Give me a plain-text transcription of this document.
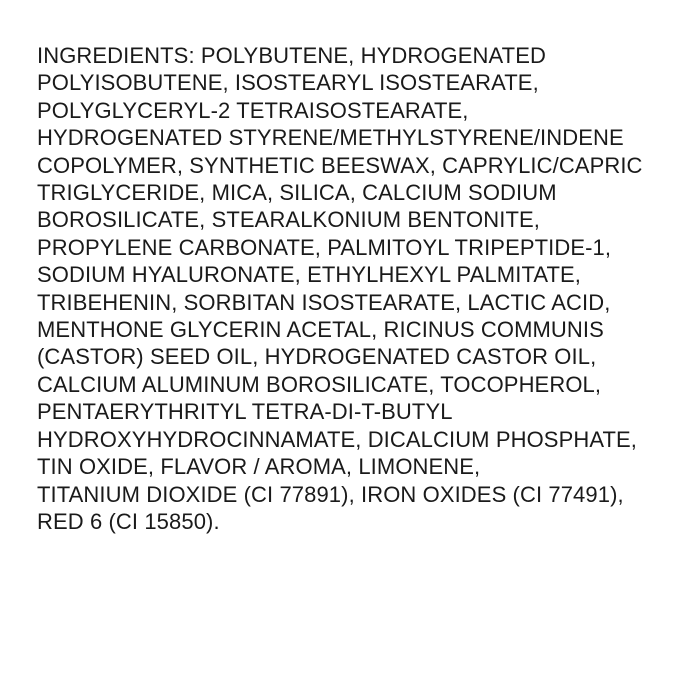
INGREDIENTS: POLYBUTENE, HYDROGENATED
POLYISOBUTENE, ISOSTEARYL ISOSTEARATE,
POLYGLYCERYL-2 TETRAISOSTEARATE,
HYDROGENATED STYRENE/METHYLSTYRENE/INDENE
COPOLYMER, SYNTHETIC BEESWAX, CAPRYLIC/CAPRIC
TRIGLYCERIDE, MICA, SILICA, CALCIUM SODIUM
BOROSILICATE, STEARALKONIUM BENTONITE,
PROPYLENE CARBONATE, PALMITOYL TRIPEPTIDE-1,
SODIUM HYALURONATE, ETHYLHEXYL PALMITATE,
TRIBEHENIN, SORBITAN ISOSTEARATE, LACTIC ACID,
MENTHONE GLYCERIN ACETAL, RICINUS COMMUNIS
(CASTOR) SEED OIL, HYDROGENATED CASTOR OIL,
CALCIUM ALUMINUM BOROSILICATE, TOCOPHEROL,
PENTAERYTHRITYL TETRA-DI-T-BUTYL
HYDROXYHYDROCINNAMATE, DICALCIUM PHOSPHATE,
TIN OXIDE, FLAVOR / AROMA, LIMONENE,
TITANIUM DIOXIDE (CI 77891), IRON OXIDES (CI 77491),
RED 6 (CI 15850).
